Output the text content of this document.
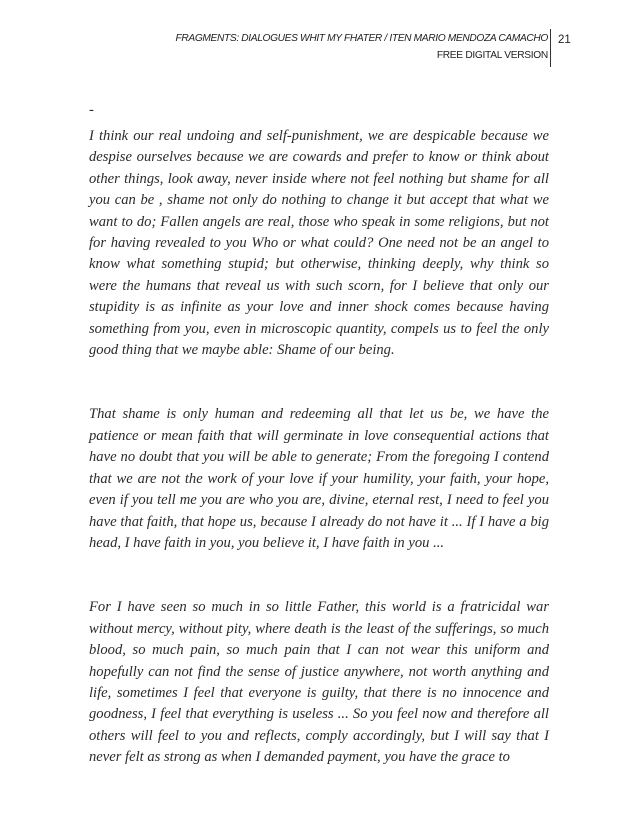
FRAGMENTS: DIALOGUES WHIT MY FHATER / ITEN MARIO MENDOZA CAMACHO
FREE DIGITAL VERSION
21
-

I think our real undoing and self-punishment, we are despicable because we despise ourselves because we are cowards and prefer to know or think about other things, look away, never inside where not feel nothing but shame for all you can be , shame not only do nothing to change it but accept that what we want to do; Fallen angels are real, those who speak in some religions, but not for having revealed to you Who or what could? One need not be an angel to know what something stupid; but otherwise, thinking deeply, why think so were the humans that reveal us with such scorn, for I believe that only our stupidity is as infinite as your love and inner shock comes because having something from you, even in microscopic quantity, compels us to feel the only good thing that we maybe able: Shame of our being.

That shame is only human and redeeming all that let us be, we have the patience or mean faith that will germinate in love consequential actions that have no doubt that you will be able to generate; From the foregoing I contend that we are not the work of your love if your humility, your faith, your hope, even if you tell me you are who you are, divine, eternal rest, I need to feel you have that faith, that hope us, because I already do not have it ... If I have a big head, I have faith in you, you believe it, I have faith in you ...

For I have seen so much in so little Father, this world is a fratricidal war without mercy, without pity, where death is the least of the sufferings, so much blood, so much pain, so much pain that I can not wear this uniform and hopefully can not find the sense of justice anywhere, not worth anything and life, sometimes I feel that everyone is guilty, that there is no innocence and goodness, I feel that everything is useless ... So you feel now and therefore all others will feel to you and reflects, comply accordingly, but I will say that I never felt as strong as when I demanded payment, you have the grace to
